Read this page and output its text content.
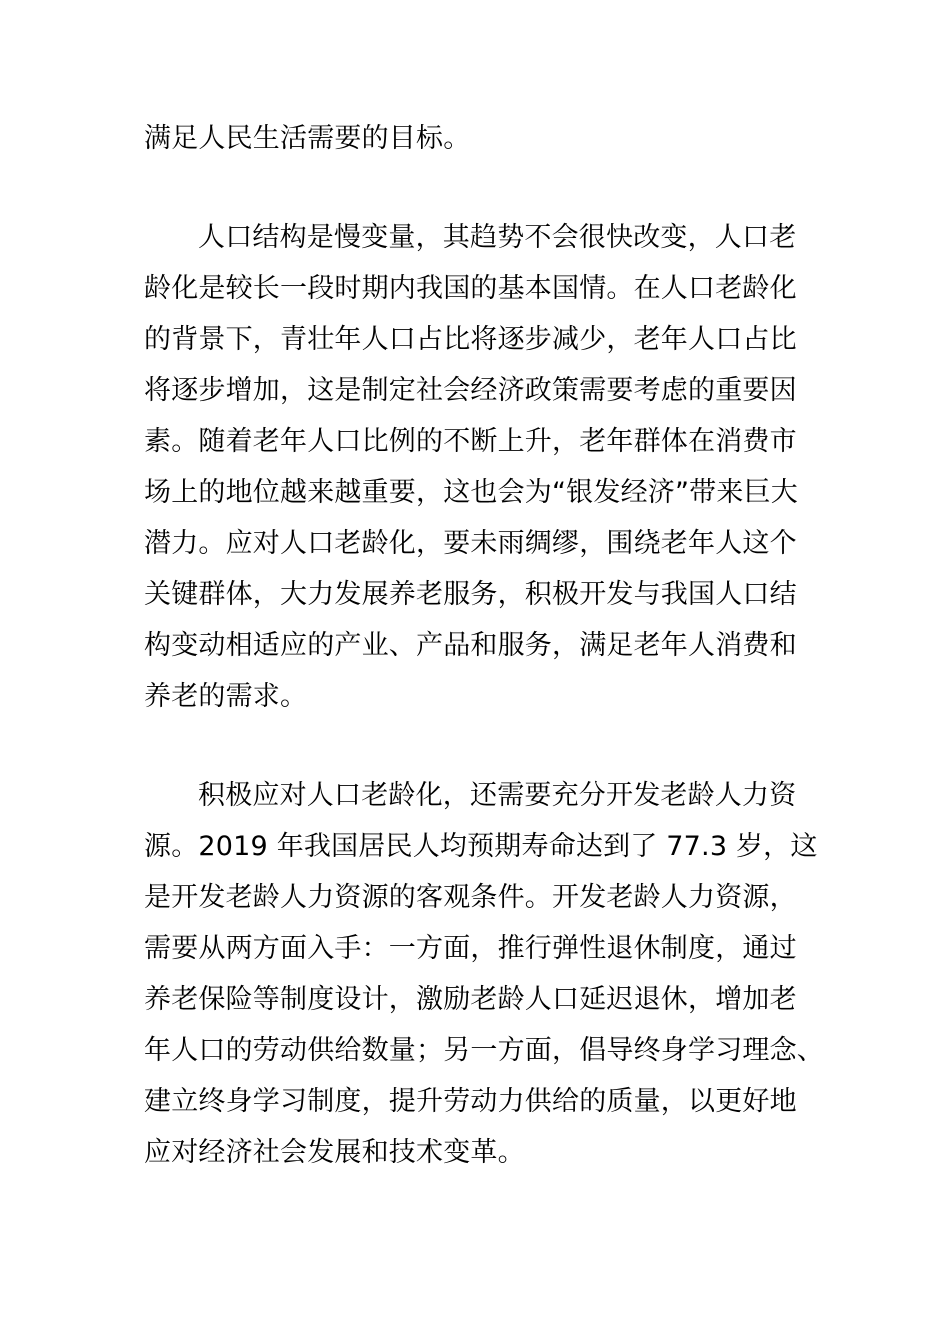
满足人民生活需要的目标。
人口结构是慢变量，其趋势不会很快改变，人口老
龄化是较长一段时期内我国的基本国情。在人口老龄化
的背景下，青壮年人口占比将逐步减少，老年人口占比
将逐步增加，这是制定社会经济政策需要考虑的重要因
素。随着老年人口比例的不断上升，老年群体在消费市
场上的地位越来越重要，这也会为“银发经济”带来巨大
潜力。应对人口老龄化，要未雨绸缪，围绕老年人这个
关键群体，大力发展养老服务，积极开发与我国人口结
构变动相适应的产业、产品和服务，满足老年人消费和
养老的需求。
积极应对人口老龄化，还需要充分开发老龄人力资
源。2019 年我国居民人均预期寿命达到了 77.3 岁，这
是开发老龄人力资源的客观条件。开发老龄人力资源，
需要从两方面入手：一方面，推行弹性退休制度，通过
养老保险等制度设计，激励老龄人口延迟退休，增加老
年人口的劳动供给数量；另一方面，倡导终身学习理念、
建立终身学习制度，提升劳动力供给的质量，以更好地
应对经济社会发展和技术变革。
